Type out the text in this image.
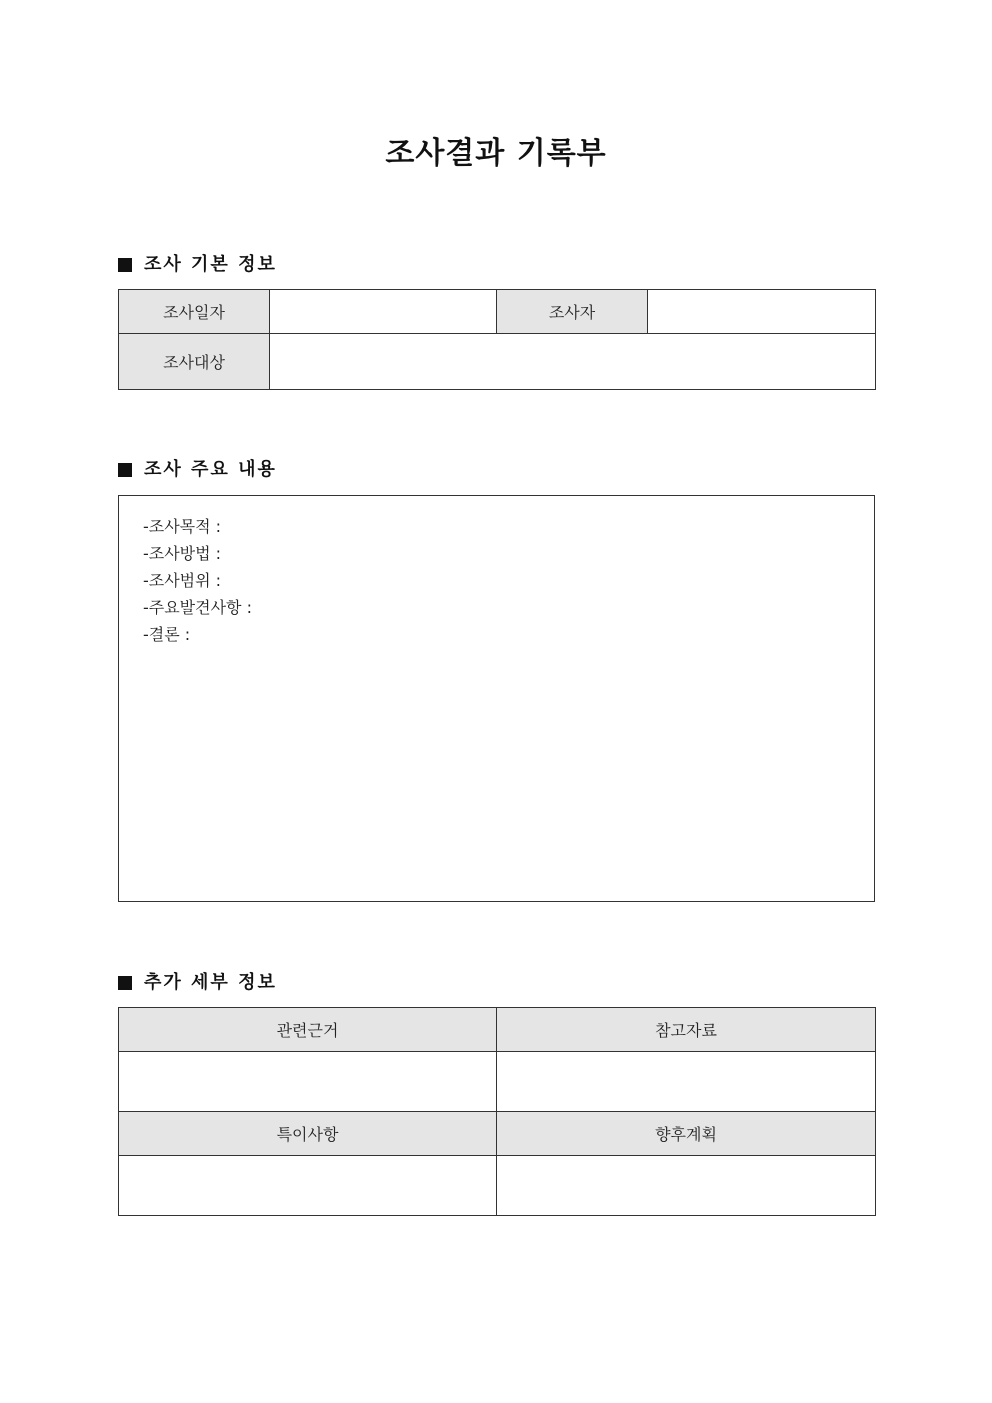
조사결과 기록부
조사 기본 정보
조사일자		조사자	
조사대상			
조사 주요 내용
-조사목적 :
-조사방법 :
-조사범위 :
-주요발견사항 :
-결론 :
추가 세부 정보
관련근거	참고자료

특이사항	향후계획
